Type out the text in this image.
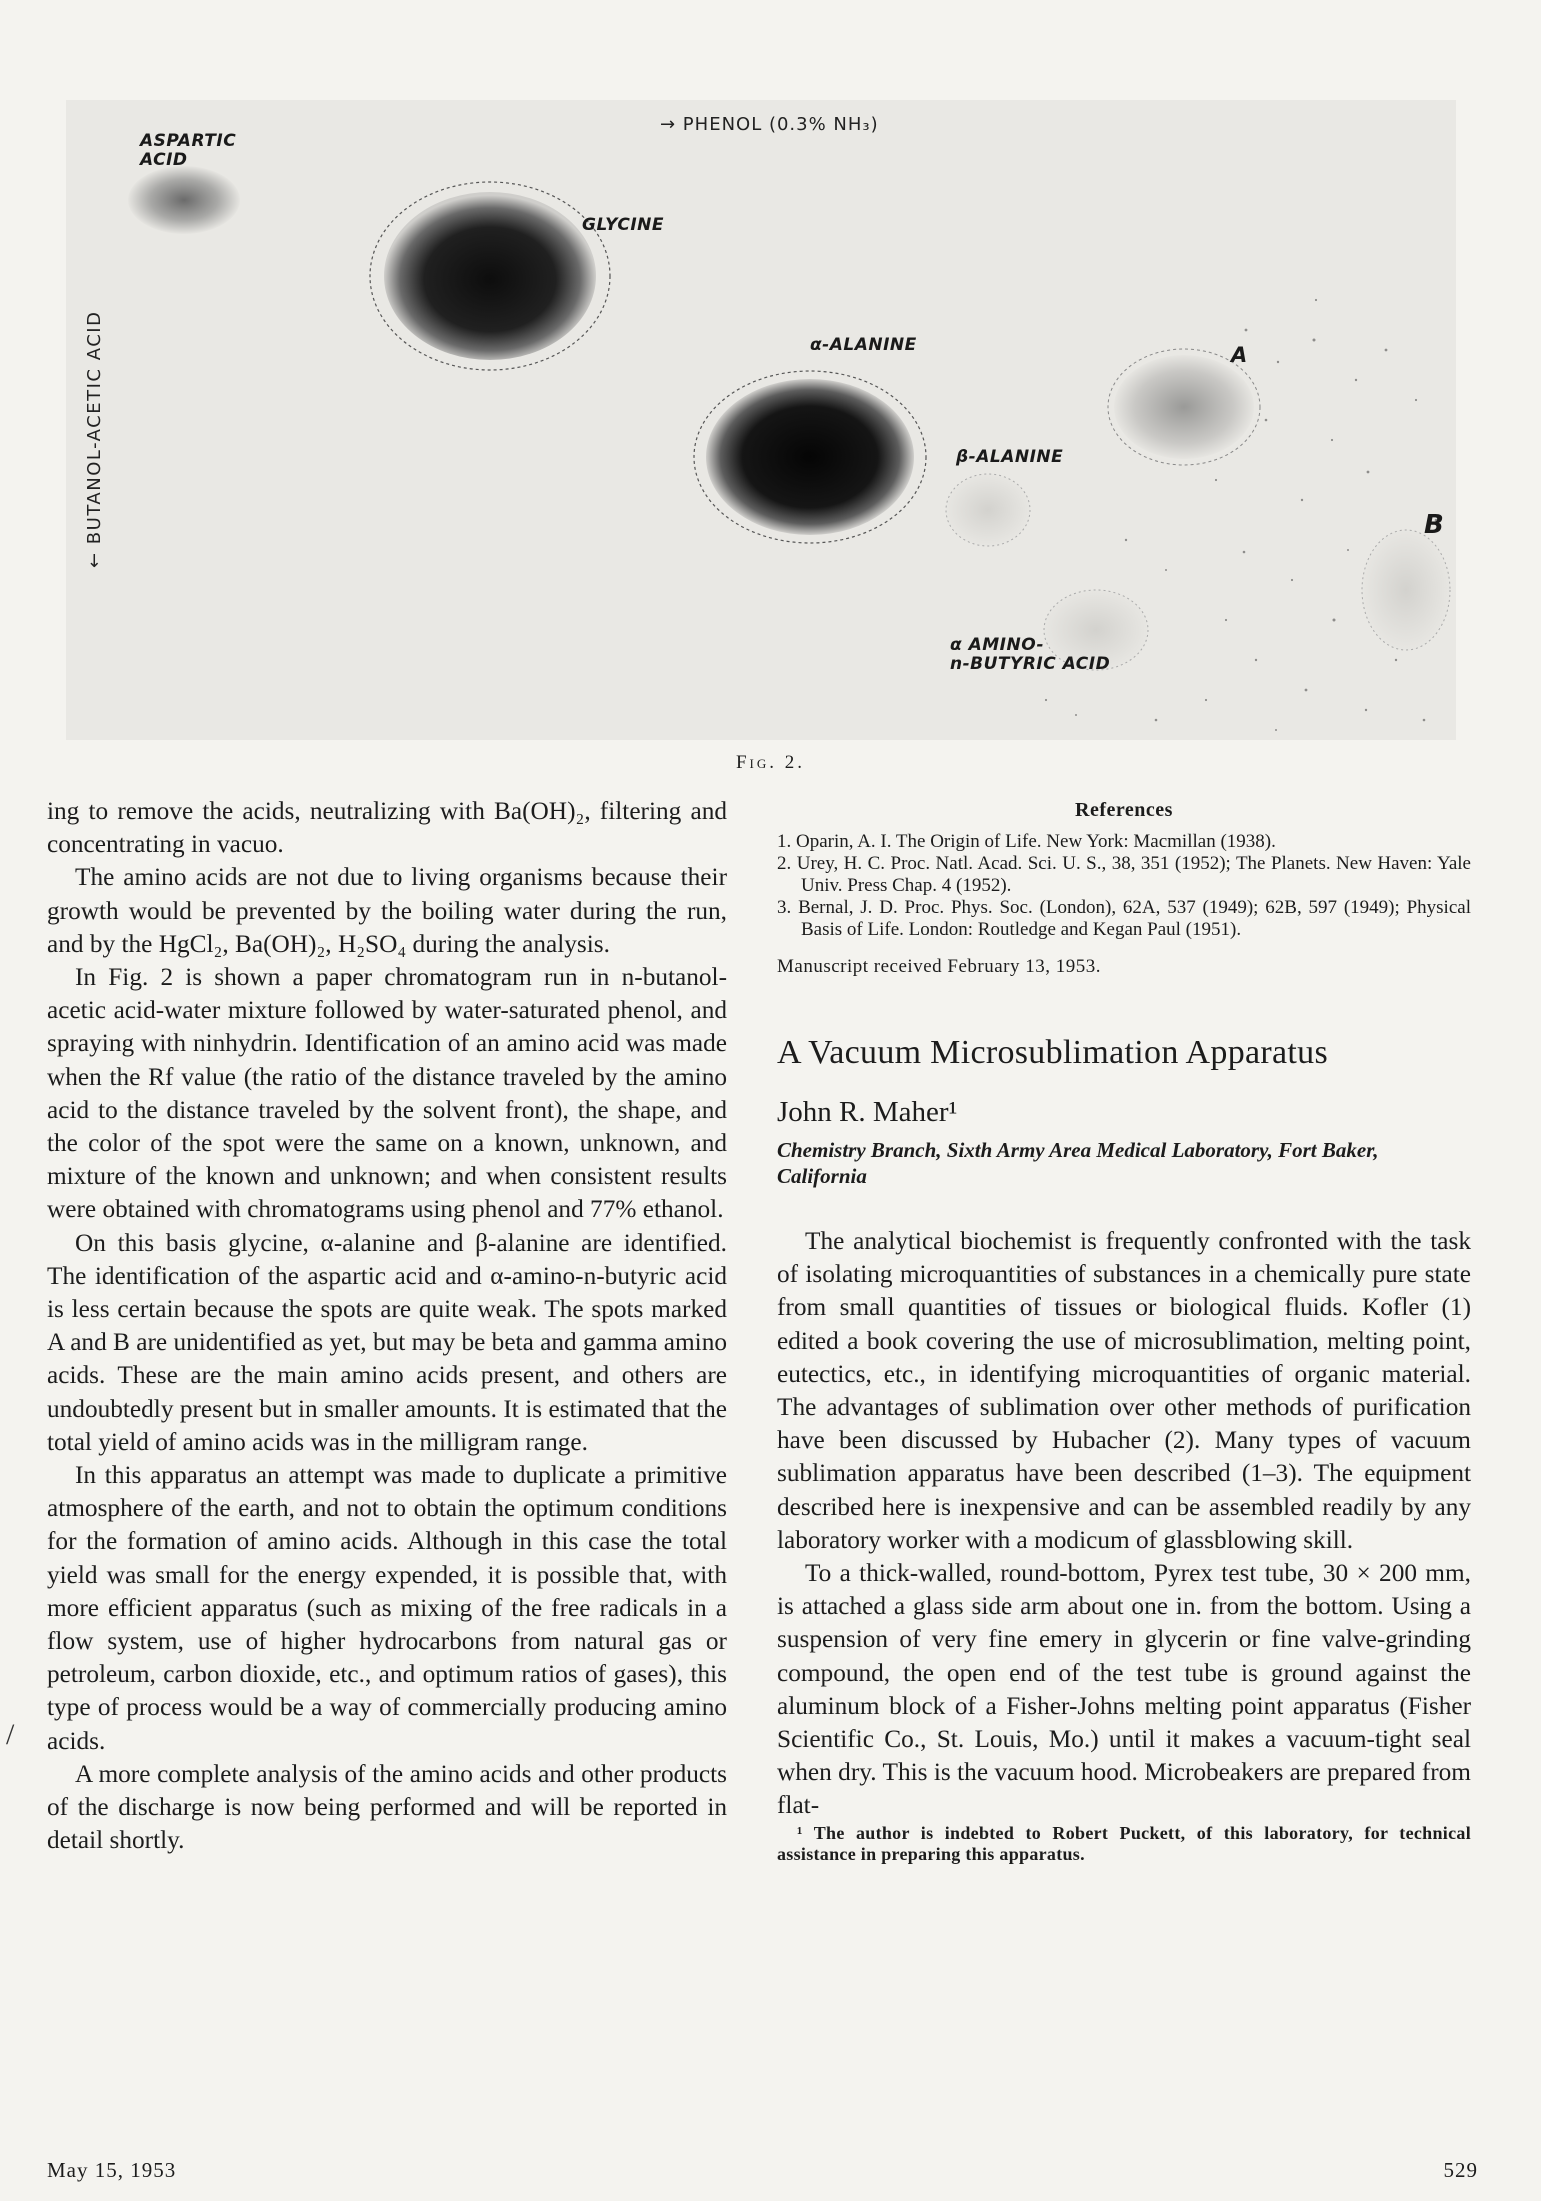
→ PHENOL (0.3% NH₃)
← BUTANOL-ACETIC ACID
ASPARTIC
ACID
GLYCINE
α-ALANINE
β-ALANINE
A
B
α AMINO-
n-BUTYRIC ACID
Fig. 2.
/

ing to remove the acids, neutralizing with Ba(OH)₂, filtering and concentrating in vacuo.

The amino acids are not due to living organisms because their growth would be prevented by the boiling water during the run, and by the HgCl₂, Ba(OH)₂, H₂SO₄ during the analysis.

In Fig. 2 is shown a paper chromatogram run in n-butanol-acetic acid-water mixture followed by water-saturated phenol, and spraying with ninhydrin. Identification of an amino acid was made when the Rf value (the ratio of the distance traveled by the amino acid to the distance traveled by the solvent front), the shape, and the color of the spot were the same on a known, unknown, and mixture of the known and unknown; and when consistent results were obtained with chromatograms using phenol and 77% ethanol.

On this basis glycine, α-alanine and β-alanine are identified. The identification of the aspartic acid and α-amino-n-butyric acid is less certain because the spots are quite weak. The spots marked A and B are unidentified as yet, but may be beta and gamma amino acids. These are the main amino acids present, and others are undoubtedly present but in smaller amounts. It is estimated that the total yield of amino acids was in the milligram range.

In this apparatus an attempt was made to duplicate a primitive atmosphere of the earth, and not to obtain the optimum conditions for the formation of amino acids. Although in this case the total yield was small for the energy expended, it is possible that, with more efficient apparatus (such as mixing of the free radicals in a flow system, use of higher hydrocarbons from natural gas or petroleum, carbon dioxide, etc., and optimum ratios of gases), this type of process would be a way of commercially producing amino acids.

A more complete analysis of the amino acids and other products of the discharge is now being performed and will be reported in detail shortly.

References

1. Oparin, A. I. The Origin of Life. New York: Macmillan (1938).

2. Urey, H. C. Proc. Natl. Acad. Sci. U. S., 38, 351 (1952); The Planets. New Haven: Yale Univ. Press Chap. 4 (1952).

3. Bernal, J. D. Proc. Phys. Soc. (London), 62A, 537 (1949); 62B, 597 (1949); Physical Basis of Life. London: Routledge and Kegan Paul (1951).

Manuscript received February 13, 1953.
A Vacuum Microsublimation Apparatus
John R. Maher¹
Chemistry Branch, Sixth Army Area Medical Laboratory, Fort Baker, California

The analytical biochemist is frequently confronted with the task of isolating microquantities of substances in a chemically pure state from small quantities of tissues or biological fluids. Kofler (1) edited a book covering the use of microsublimation, melting point, eutectics, etc., in identifying microquantities of organic material. The advantages of sublimation over other methods of purification have been discussed by Hubacher (2). Many types of vacuum sublimation apparatus have been described (1–3). The equipment described here is inexpensive and can be assembled readily by any laboratory worker with a modicum of glassblowing skill.

To a thick-walled, round-bottom, Pyrex test tube, 30 × 200 mm, is attached a glass side arm about one in. from the bottom. Using a suspension of very fine emery in glycerin or fine valve-grinding compound, the open end of the test tube is ground against the aluminum block of a Fisher-Johns melting point apparatus (Fisher Scientific Co., St. Louis, Mo.) until it makes a vacuum-tight seal when dry. This is the vacuum hood. Microbeakers are prepared from flat-

¹ The author is indebted to Robert Puckett, of this laboratory, for technical assistance in preparing this apparatus.

May 15, 1953	529
